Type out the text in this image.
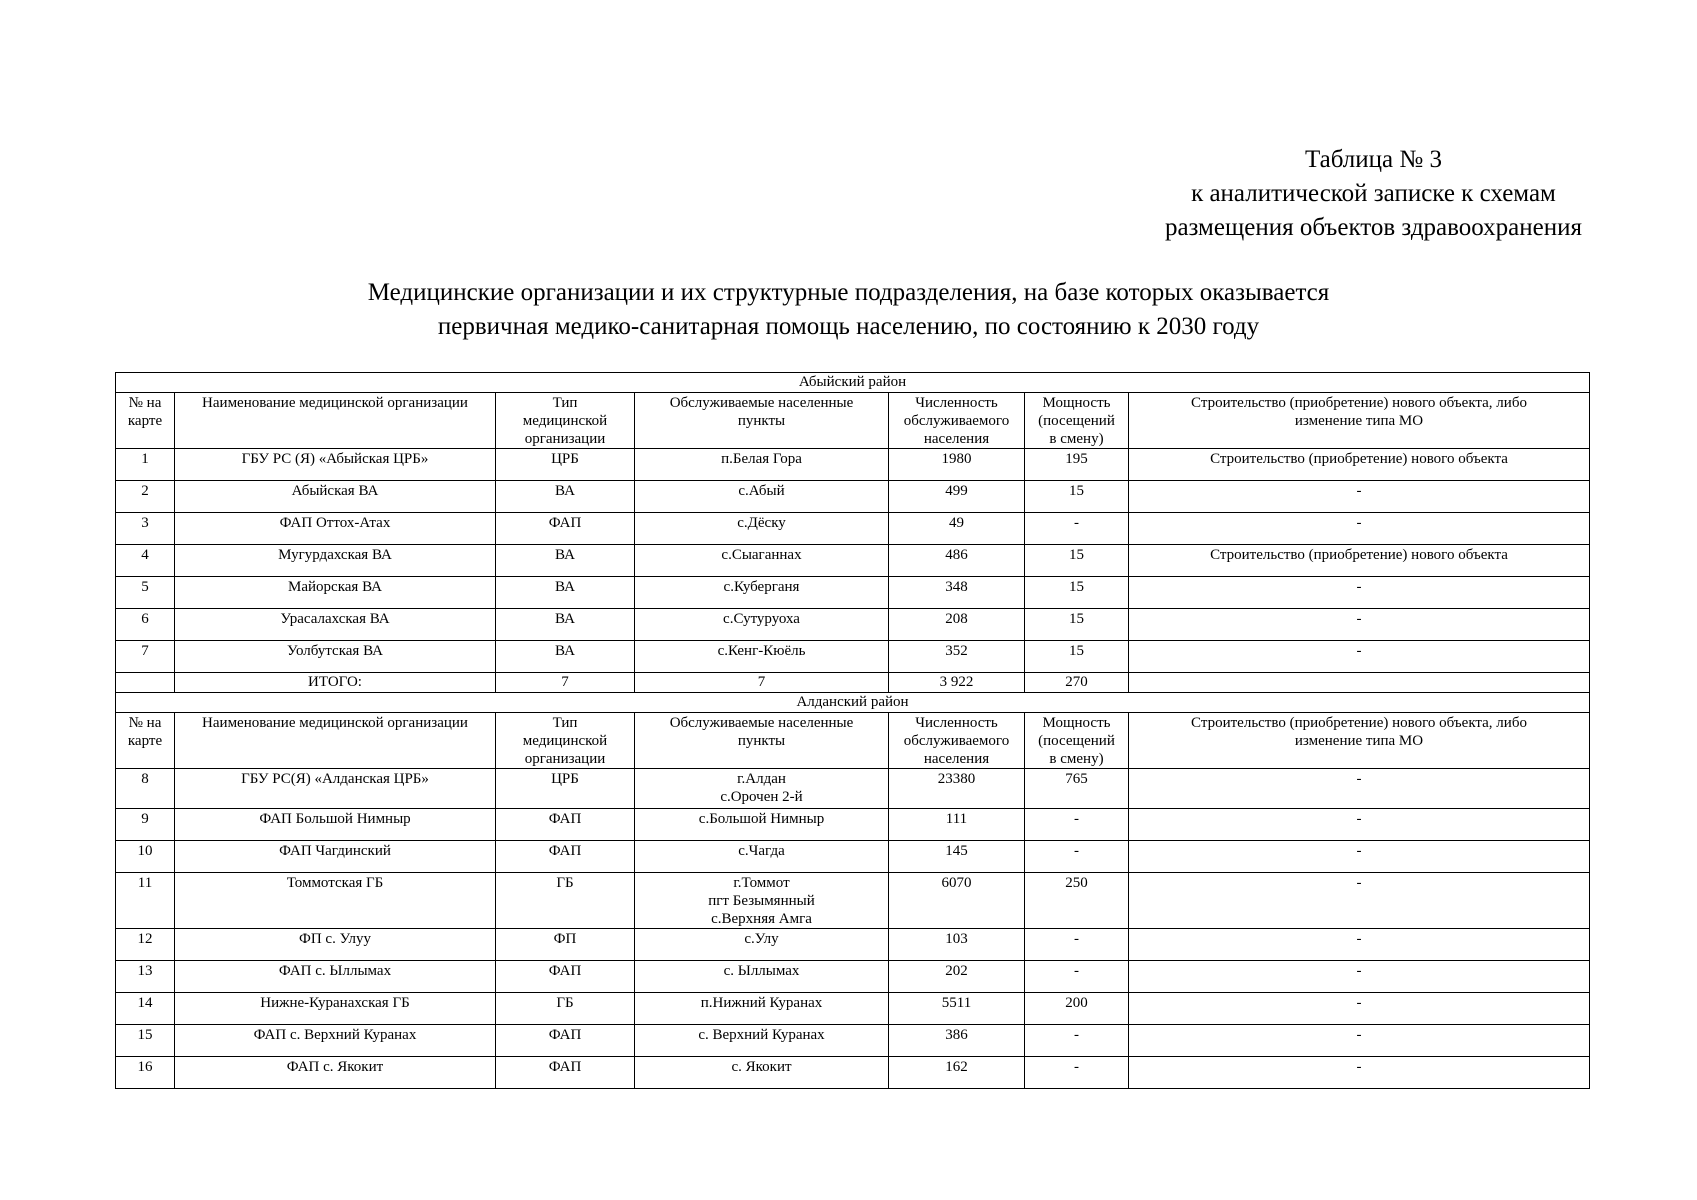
Таблица № 3
к аналитической записке к схемам
размещения объектов здравоохранения
Медицинские организации и их структурные подразделения, на базе которых оказывается
первичная медико-санитарная помощь населению, по состоянию к 2030 году
Абыйский район						
№ на
карте	Наименование медицинской организации	Тип
медицинской
организации	Обслуживаемые населенные
пункты	Численность
обслуживаемого
населения	Мощность
(посещений
в смену)	Строительство (приобретение) нового объекта, либо
изменение типа МО
1	ГБУ РС (Я) «Абыйская ЦРБ»	ЦРБ	п.Белая Гора	1980	195	Строительство (приобретение) нового объекта
2	Абыйская ВА	ВА	с.Абый	499	15	-
3	ФАП Оттох-Атах	ФАП	с.Дёску	49	-	-
4	Мугурдахская ВА	ВА	с.Сыаганнах	486	15	Строительство (приобретение) нового объекта
5	Майорская ВА	ВА	с.Куберганя	348	15	-
6	Урасалахская ВА	ВА	с.Сутуруоха	208	15	-
7	Уолбутская ВА	ВА	с.Кенг-Кюёль	352	15	-
	ИТОГО:	7	7	3 922	270	
Алданский район						
№ на
карте	Наименование медицинской организации	Тип
медицинской
организации	Обслуживаемые населенные
пункты	Численность
обслуживаемого
населения	Мощность
(посещений
в смену)	Строительство (приобретение) нового объекта, либо
изменение типа МО
8	ГБУ РС(Я) «Алданская ЦРБ»	ЦРБ	г.Алдан
с.Орочен 2-й	23380	765	-
9	ФАП Большой Нимныр	ФАП	с.Большой Нимныр	111	-	-
10	ФАП Чагдинский	ФАП	с.Чагда	145	-	-
11	Томмотская ГБ	ГБ	г.Томмот
пгт Безымянный
с.Верхняя Амга	6070	250	-
12	ФП с. Улуу	ФП	с.Улу	103	-	-
13	ФАП с. Ыллымах	ФАП	с. Ыллымах	202	-	-
14	Нижне-Куранахская ГБ	ГБ	п.Нижний Куранах	5511	200	-
15	ФАП с. Верхний Куранах	ФАП	с. Верхний Куранах	386	-	-
16	ФАП с. Якокит	ФАП	с. Якокит	162	-	-
